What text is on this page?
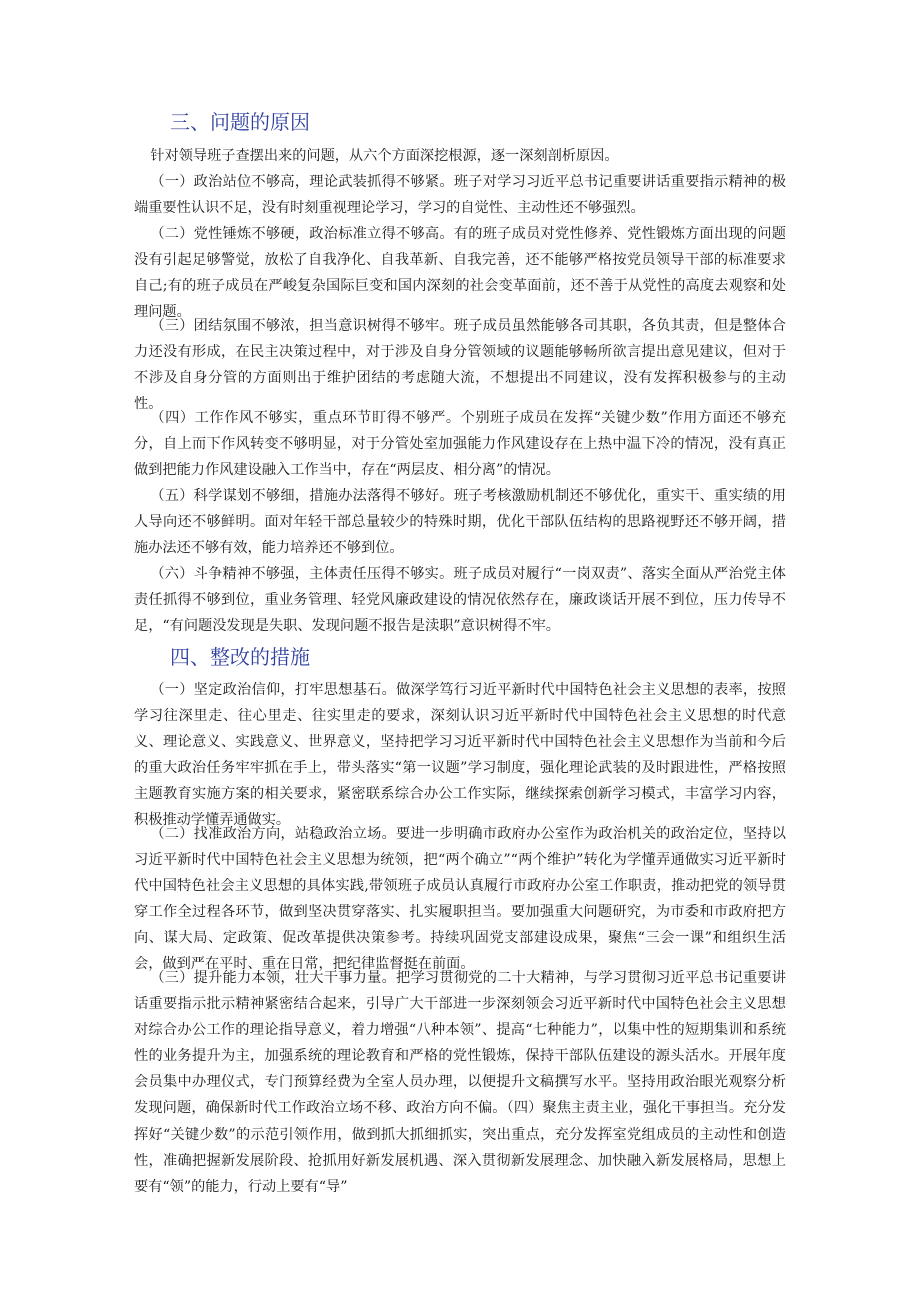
三、问题的原因
针对领导班子查摆出来的问题，从六个方面深挖根源，逐一深刻剖析原因。
（一）政治站位不够高，理论武装抓得不够紧。班子对学习习近平总书记重要讲话重要指示精神的极端重要性认识不足，没有时刻重视理论学习，学习的自觉性、主动性还不够强烈。
（二）党性锤炼不够硬，政治标准立得不够高。有的班子成员对党性修养、党性锻炼方面出现的问题没有引起足够警觉，放松了自我净化、自我革新、自我完善，还不能够严格按党员领导干部的标准要求自己;有的班子成员在严峻复杂国际巨变和国内深刻的社会变革面前，还不善于从党性的高度去观察和处理问题。
（三）团结氛围不够浓，担当意识树得不够牢。班子成员虽然能够各司其职，各负其责，但是整体合力还没有形成，在民主决策过程中，对于涉及自身分管领域的议题能够畅所欲言提出意见建议，但对于不涉及自身分管的方面则出于维护团结的考虑随大流，不想提出不同建议，没有发挥积极参与的主动性。
（四）工作作风不够实，重点环节盯得不够严。个别班子成员在发挥“关键少数”作用方面还不够充分，自上而下作风转变不够明显，对于分管处室加强能力作风建设存在上热中温下冷的情况，没有真正做到把能力作风建设融入工作当中，存在“两层皮、相分离”的情况。
（五）科学谋划不够细，措施办法落得不够好。班子考核激励机制还不够优化，重实干、重实绩的用人导向还不够鲜明。面对年轻干部总量较少的特殊时期，优化干部队伍结构的思路视野还不够开阔，措施办法还不够有效，能力培养还不够到位。
（六）斗争精神不够强，主体责任压得不够实。班子成员对履行“一岗双责”、落实全面从严治党主体责任抓得不够到位，重业务管理、轻党风廉政建设的情况依然存在，廉政谈话开展不到位，压力传导不足，“有问题没发现是失职、发现问题不报告是渎职”意识树得不牢。
四、整改的措施
（一）坚定政治信仰，打牢思想基石。做深学笃行习近平新时代中国特色社会主义思想的表率，按照学习往深里走、往心里走、往实里走的要求，深刻认识习近平新时代中国特色社会主义思想的时代意义、理论意义、实践意义、世界意义，坚持把学习习近平新时代中国特色社会主义思想作为当前和今后的重大政治任务牢牢抓在手上，带头落实“第一议题”学习制度，强化理论武装的及时跟进性，严格按照主题教育实施方案的相关要求，紧密联系综合办公工作实际，继续探索创新学习模式，丰富学习内容，积极推动学懂弄通做实。
（二）找准政治方向，站稳政治立场。要进一步明确市政府办公室作为政治机关的政治定位，坚持以习近平新时代中国特色社会主义思想为统领，把“两个确立”“两个维护”转化为学懂弄通做实习近平新时代中国特色社会主义思想的具体实践,带领班子成员认真履行市政府办公室工作职责，推动把党的领导贯穿工作全过程各环节，做到坚决贯穿落实、扎实履职担当。要加强重大问题研究，为市委和市政府把方向、谋大局、定政策、促改革提供决策参考。持续巩固党支部建设成果，聚焦“三会一课”和组织生活会，做到严在平时、重在日常，把纪律监督挺在前面。
（三）提升能力本领，壮大干事力量。把学习贯彻党的二十大精神，与学习贯彻习近平总书记重要讲话重要指示批示精神紧密结合起来，引导广大干部进一步深刻领会习近平新时代中国特色社会主义思想对综合办公工作的理论指导意义，着力增强“八种本领”、提高“七种能力”，以集中性的短期集训和系统性的业务提升为主，加强系统的理论教育和严格的党性锻炼，保持干部队伍建设的源头活水。开展年度会员集中办理仪式，专门预算经费为全室人员办理，以便提升文稿撰写水平。坚持用政治眼光观察分析发现问题，确保新时代工作政治立场不移、政治方向不偏。（四）聚焦主责主业，强化干事担当。充分发挥好“关键少数”的示范引领作用，做到抓大抓细抓实，突出重点，充分发挥室党组成员的主动性和创造性，准确把握新发展阶段、抢抓用好新发展机遇、深入贯彻新发展理念、加快融入新发展格局，思想上要有“领”的能力，行动上要有“导”
